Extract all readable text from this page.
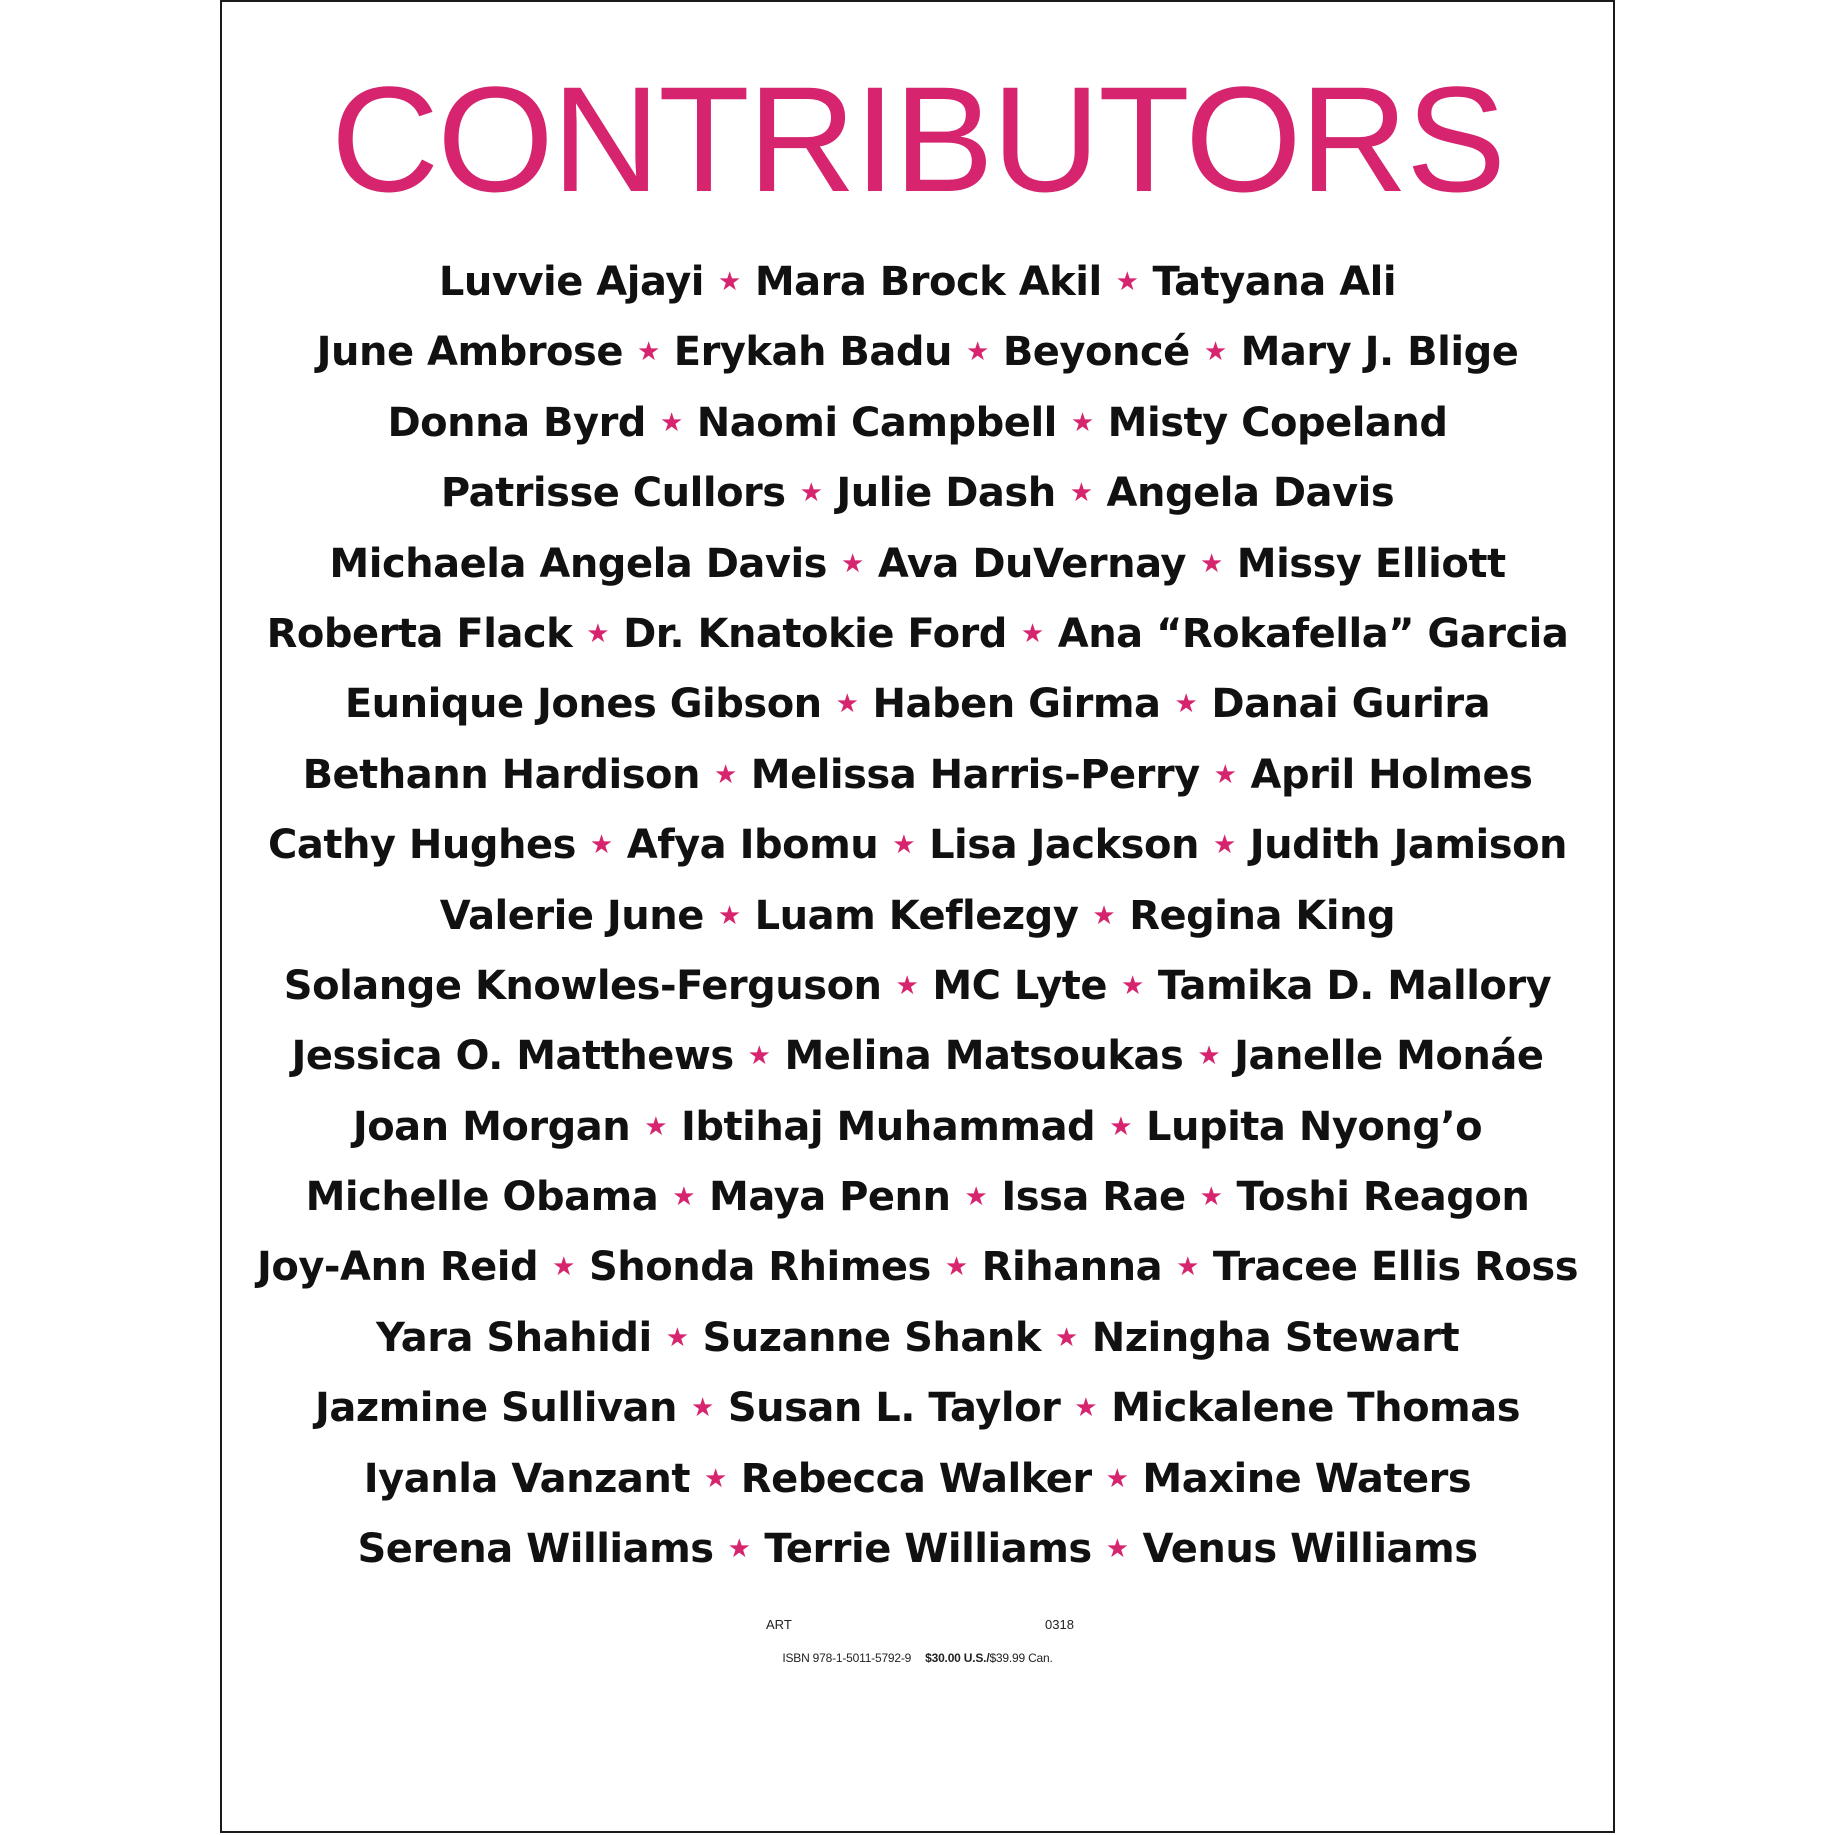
CONTRIBUTORS
Luvvie Ajayi ★ Mara Brock Akil ★ Tatyana Ali
June Ambrose ★ Erykah Badu ★ Beyoncé ★ Mary J. Blige
Donna Byrd ★ Naomi Campbell ★ Misty Copeland
Patrisse Cullors ★ Julie Dash ★ Angela Davis
Michaela Angela Davis ★ Ava DuVernay ★ Missy Elliott
Roberta Flack ★ Dr. Knatokie Ford ★ Ana “Rokafella” Garcia
Eunique Jones Gibson ★ Haben Girma ★ Danai Gurira
Bethann Hardison ★ Melissa Harris-Perry ★ April Holmes
Cathy Hughes ★ Afya Ibomu ★ Lisa Jackson ★ Judith Jamison
Valerie June ★ Luam Keflezgy ★ Regina King
Solange Knowles-Ferguson ★ MC Lyte ★ Tamika D. Mallory
Jessica O. Matthews ★ Melina Matsoukas ★ Janelle Monáe
Joan Morgan ★ Ibtihaj Muhammad ★ Lupita Nyong’o
Michelle Obama ★ Maya Penn ★ Issa Rae ★ Toshi Reagon
Joy-Ann Reid ★ Shonda Rhimes ★ Rihanna ★ Tracee Ellis Ross
Yara Shahidi ★ Suzanne Shank ★ Nzingha Stewart
Jazmine Sullivan ★ Susan L. Taylor ★ Mickalene Thomas
Iyanla Vanzant ★ Rebecca Walker ★ Maxine Waters
Serena Williams ★ Terrie Williams ★ Venus Williams
ART	0318
ISBN 978-1-5011-5792-9 $30.00 U.S./$39.99 Can.
